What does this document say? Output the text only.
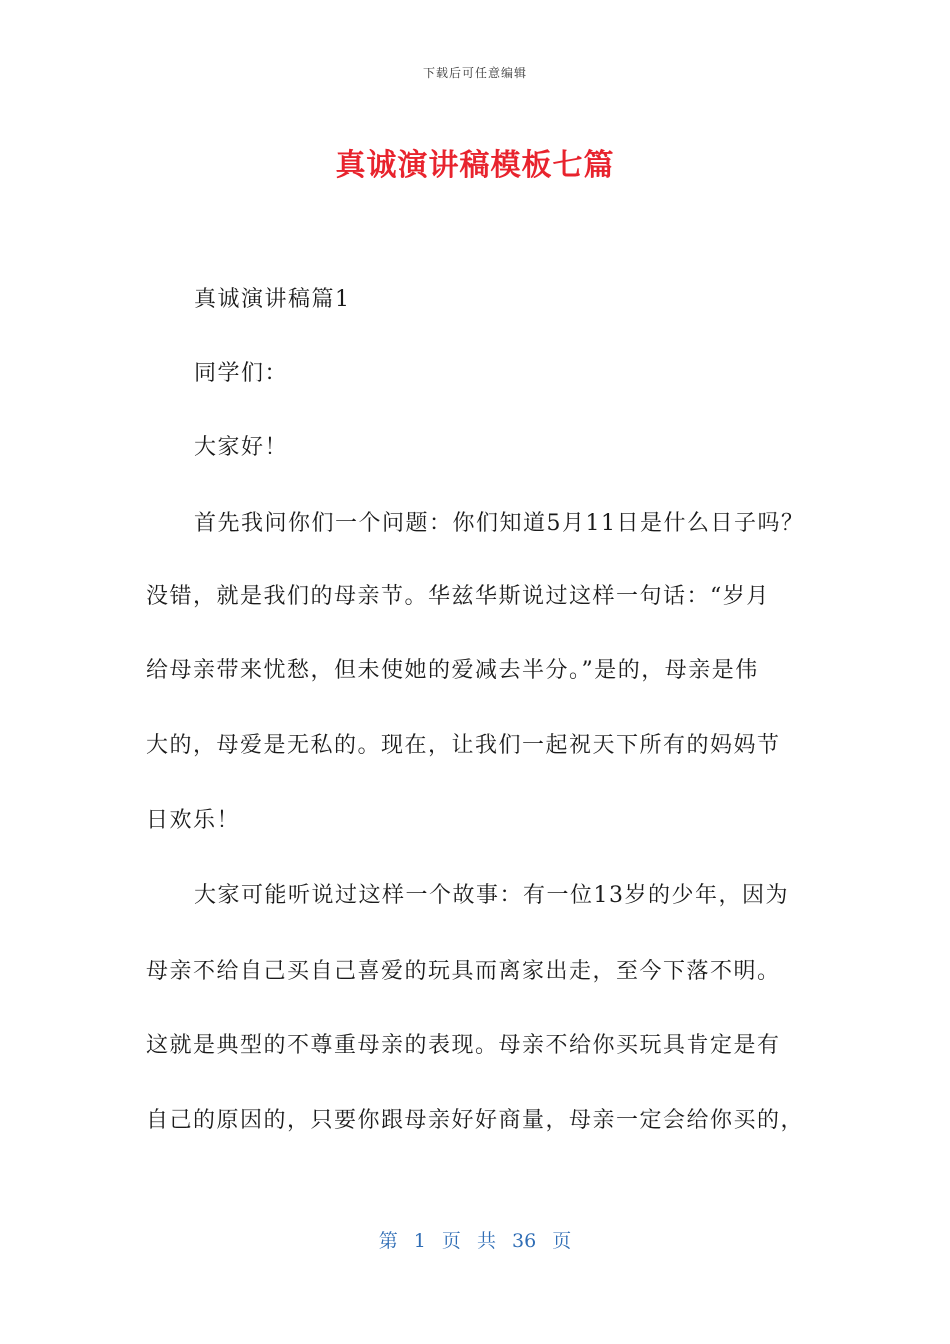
下载后可任意编辑
真诚演讲稿模板七篇
真诚演讲稿篇1
同学们：
大家好！
首先我问你们一个问题：你们知道5月11日是什么日子吗？
没错，就是我们的母亲节。华兹华斯说过这样一句话：“岁月
给母亲带来忧愁，但未使她的爱减去半分。”是的，母亲是伟
大的，母爱是无私的。现在，让我们一起祝天下所有的妈妈节
日欢乐！
大家可能听说过这样一个故事：有一位13岁的少年，因为
母亲不给自己买自己喜爱的玩具而离家出走，至今下落不明。
这就是典型的不尊重母亲的表现。母亲不给你买玩具肯定是有
自己的原因的，只要你跟母亲好好商量，母亲一定会给你买的，
第 1 页 共 36 页
